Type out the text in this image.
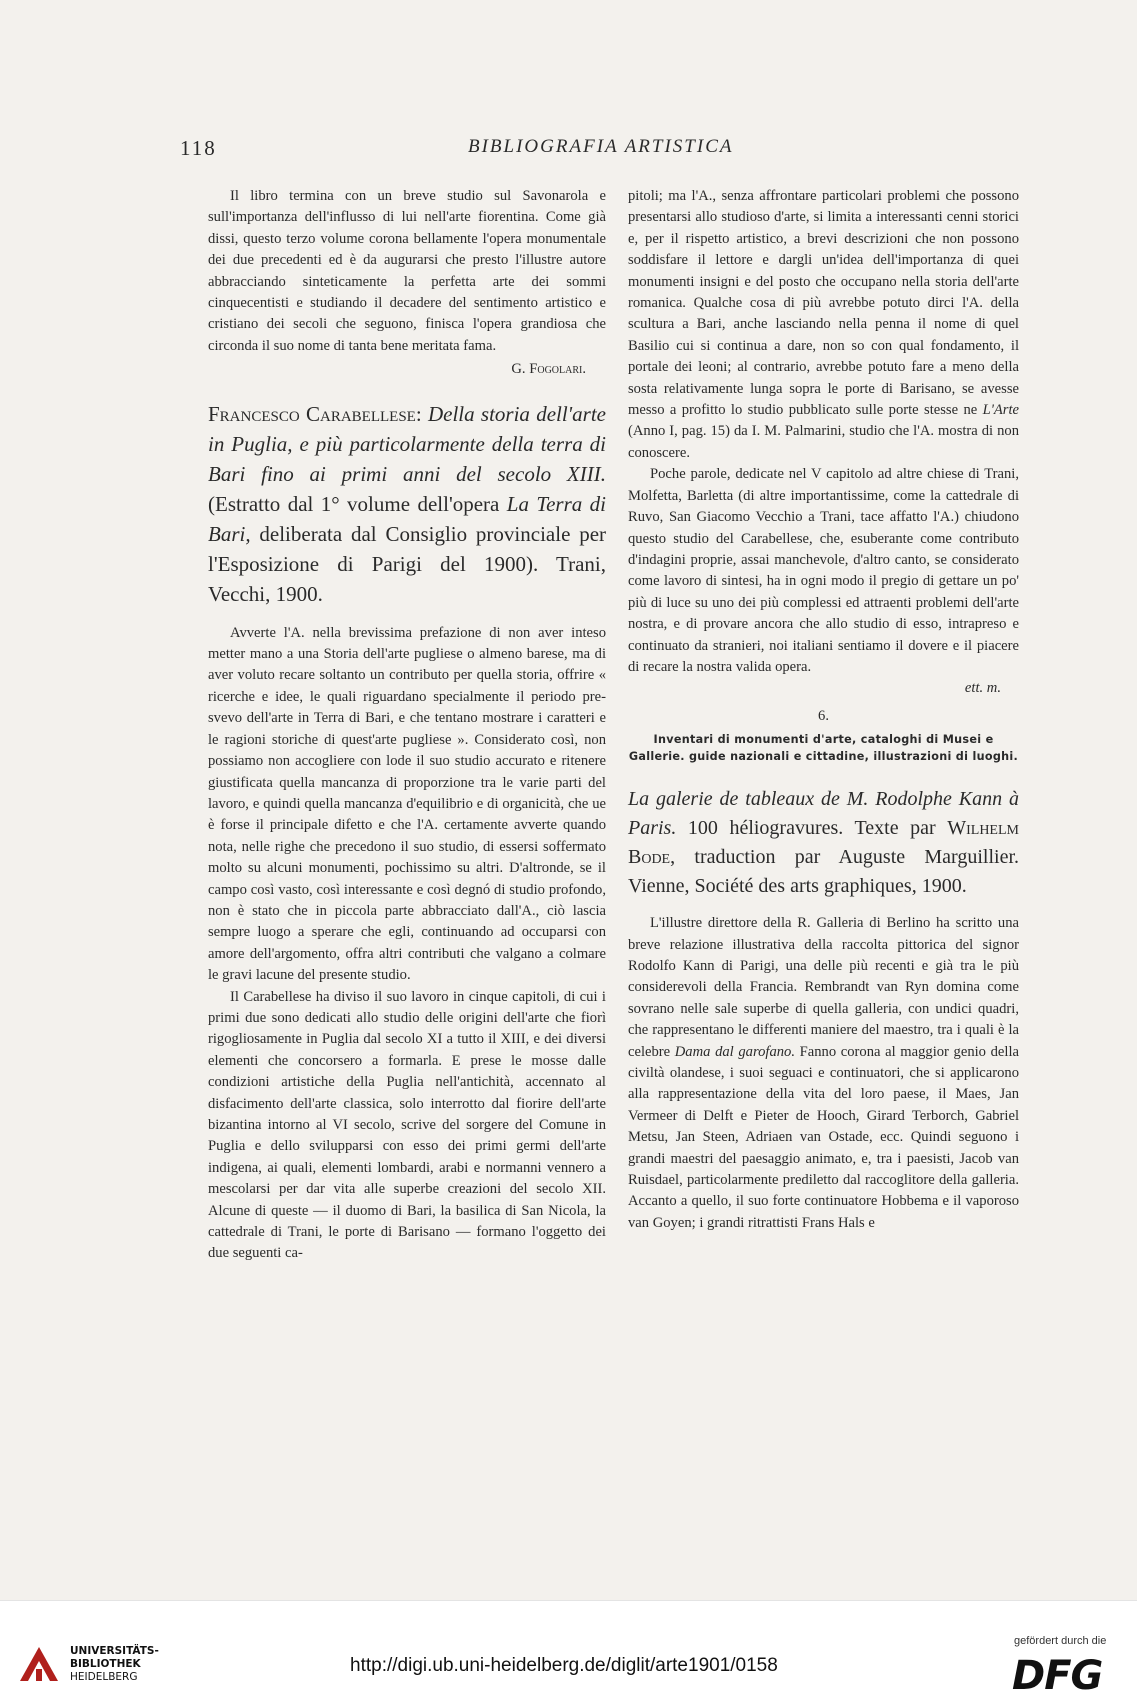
118	BIBLIOGRAFIA ARTISTICA

Il libro termina con un breve studio sul Savonarola e sull'importanza dell'influsso di lui nell'arte fiorentina. Come già dissi, questo terzo volume corona bellamente l'opera monumentale dei due precedenti ed è da augurarsi che presto l'illustre autore abbracciando sinteticamente la perfetta arte dei sommi cinquecentisti e studiando il decadere del sentimento artistico e cristiano dei secoli che seguono, finisca l'opera grandiosa che circonda il suo nome di tanta bene meritata fama.

G. Fogolari.

Francesco Carabellese: Della storia dell'arte in Puglia, e più particolarmente della terra di Bari fino ai primi anni del secolo XIII. (Estratto dal 1° volume dell'opera La Terra di Bari, deliberata dal Consiglio provinciale per l'Esposizione di Parigi del 1900). Trani, Vecchi, 1900.

Avverte l'A. nella brevissima prefazione di non aver inteso metter mano a una Storia dell'arte pugliese o almeno barese, ma di aver voluto recare soltanto un contributo per quella storia, offrire « ricerche e idee, le quali riguardano specialmente il periodo pre-svevo dell'arte in Terra di Bari, e che tentano mostrare i caratteri e le ragioni storiche di quest'arte pugliese ». Considerato così, non possiamo non accogliere con lode il suo studio accurato e ritenere giustificata quella mancanza di proporzione tra le varie parti del lavoro, e quindi quella mancanza d'equilibrio e di organicità, che ue è forse il principale difetto e che l'A. certamente avverte quando nota, nelle righe che precedono il suo studio, di essersi soffermato molto su alcuni monumenti, pochissimo su altri. D'altronde, se il campo così vasto, così interessante e così degnó di studio profondo, non è stato che in piccola parte abbracciato dall'A., ciò lascia sempre luogo a sperare che egli, continuando ad occuparsi con amore dell'argomento, offra altri contributi che valgano a colmare le gravi lacune del presente studio.

Il Carabellese ha diviso il suo lavoro in cinque capitoli, di cui i primi due sono dedicati allo studio delle origini dell'arte che fiorì rigogliosamente in Puglia dal secolo XI a tutto il XIII, e dei diversi elementi che concorsero a formarla. E prese le mosse dalle condizioni artistiche della Puglia nell'antichità, accennato al disfacimento dell'arte classica, solo interrotto dal fiorire dell'arte bizantina intorno al VI secolo, scrive del sorgere del Comune in Puglia e dello svilupparsi con esso dei primi germi dell'arte indigena, ai quali, elementi lombardi, arabi e normanni vennero a mescolarsi per dar vita alle superbe creazioni del secolo XII. Alcune di queste — il duomo di Bari, la basilica di San Nicola, la cattedrale di Trani, le porte di Barisano — formano l'oggetto dei due seguenti ca-

pitoli; ma l'A., senza affrontare particolari problemi che possono presentarsi allo studioso d'arte, si limita a interessanti cenni storici e, per il rispetto artistico, a brevi descrizioni che non possono soddisfare il lettore e dargli un'idea dell'importanza di quei monumenti insigni e del posto che occupano nella storia dell'arte romanica. Qualche cosa di più avrebbe potuto dirci l'A. della scultura a Bari, anche lasciando nella penna il nome di quel Basilio cui si continua a dare, non so con qual fondamento, il portale dei leoni; al contrario, avrebbe potuto fare a meno della sosta relativamente lunga sopra le porte di Barisano, se avesse messo a profitto lo studio pubblicato sulle porte stesse ne L'Arte (Anno I, pag. 15) da I. M. Palmarini, studio che l'A. mostra di non conoscere.

Poche parole, dedicate nel V capitolo ad altre chiese di Trani, Molfetta, Barletta (di altre importantissime, come la cattedrale di Ruvo, San Giacomo Vecchio a Trani, tace affatto l'A.) chiudono questo studio del Carabellese, che, esuberante come contributo d'indagini proprie, assai manchevole, d'altro canto, se considerato come lavoro di sintesi, ha in ogni modo il pregio di gettare un po' più di luce su uno dei più complessi ed attraenti problemi dell'arte nostra, e di provare ancora che allo studio di esso, intrapreso e continuato da stranieri, noi italiani sentiamo il dovere e il piacere di recare la nostra valida opera.

ett. m.
6.
Inventari di monumenti d'arte, cataloghi di Musei e Gallerie. guide nazionali e cittadine, illustrazioni di luoghi.

La galerie de tableaux de M. Rodolphe Kann à Paris. 100 héliogravures. Texte par Wilhelm Bode, traduction par Auguste Marguillier. Vienne, Société des arts graphiques, 1900.

L'illustre direttore della R. Galleria di Berlino ha scritto una breve relazione illustrativa della raccolta pittorica del signor Rodolfo Kann di Parigi, una delle più recenti e già tra le più considerevoli della Francia. Rembrandt van Ryn domina come sovrano nelle sale superbe di quella galleria, con undici quadri, che rappresentano le differenti maniere del maestro, tra i quali è la celebre Dama dal garofano. Fanno corona al maggior genio della civiltà olandese, i suoi seguaci e continuatori, che si applicarono alla rappresentazione della vita del loro paese, il Maes, Jan Vermeer di Delft e Pieter de Hooch, Girard Terborch, Gabriel Metsu, Jan Steen, Adriaen van Ostade, ecc. Quindi seguono i grandi maestri del paesaggio animato, e, tra i paesisti, Jacob van Ruisdael, particolarmente prediletto dal raccoglitore della galleria. Accanto a quello, il suo forte continuatore Hobbema e il vaporoso van Goyen; i grandi ritrattisti Frans Hals e

UNIVERSITÄTS-
BIBLIOTHEK
HEIDELBERG
http://digi.ub.uni-heidelberg.de/diglit/arte1901/0158
gefördert durch die
DFG
